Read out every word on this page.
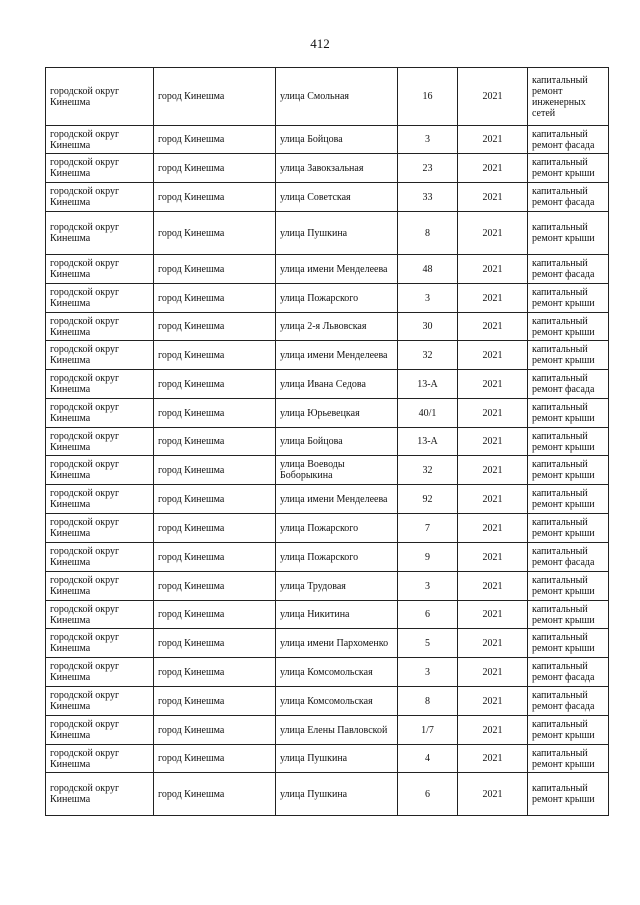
412
городской округ Кинешма	город Кинешма	улица Смольная	16	2021	капитальный ремонт инженерных сетей
городской округ Кинешма	город Кинешма	улица Бойцова	3	2021	капитальный ремонт фасада
городской округ Кинешма	город Кинешма	улица Завокзальная	23	2021	капитальный ремонт крыши
городской округ Кинешма	город Кинешма	улица Советская	33	2021	капитальный ремонт фасада
городской округ Кинешма	город Кинешма	улица Пушкина	8	2021	капитальный ремонт крыши
городской округ Кинешма	город Кинешма	улица имени Менделеева	48	2021	капитальный ремонт фасада
городской округ Кинешма	город Кинешма	улица Пожарского	3	2021	капитальный ремонт крыши
городской округ Кинешма	город Кинешма	улица 2-я Львовская	30	2021	капитальный ремонт крыши
городской округ Кинешма	город Кинешма	улица имени Менделеева	32	2021	капитальный ремонт крыши
городской округ Кинешма	город Кинешма	улица Ивана Седова	13-А	2021	капитальный ремонт фасада
городской округ Кинешма	город Кинешма	улица Юрьевецкая	40/1	2021	капитальный ремонт крыши
городской округ Кинешма	город Кинешма	улица Бойцова	13-А	2021	капитальный ремонт крыши
городской округ Кинешма	город Кинешма	улица Воеводы Боборыкина	32	2021	капитальный ремонт крыши
городской округ Кинешма	город Кинешма	улица имени Менделеева	92	2021	капитальный ремонт крыши
городской округ Кинешма	город Кинешма	улица Пожарского	7	2021	капитальный ремонт крыши
городской округ Кинешма	город Кинешма	улица Пожарского	9	2021	капитальный ремонт фасада
городской округ Кинешма	город Кинешма	улица Трудовая	3	2021	капитальный ремонт крыши
городской округ Кинешма	город Кинешма	улица Никитина	6	2021	капитальный ремонт крыши
городской округ Кинешма	город Кинешма	улица имени Пархоменко	5	2021	капитальный ремонт крыши
городской округ Кинешма	город Кинешма	улица Комсомольская	3	2021	капитальный ремонт фасада
городской округ Кинешма	город Кинешма	улица Комсомольская	8	2021	капитальный ремонт фасада
городской округ Кинешма	город Кинешма	улица Елены Павловской	1/7	2021	капитальный ремонт крыши
городской округ Кинешма	город Кинешма	улица Пушкина	4	2021	капитальный ремонт крыши
городской округ Кинешма	город Кинешма	улица Пушкина	6	2021	капитальный ремонт крыши
